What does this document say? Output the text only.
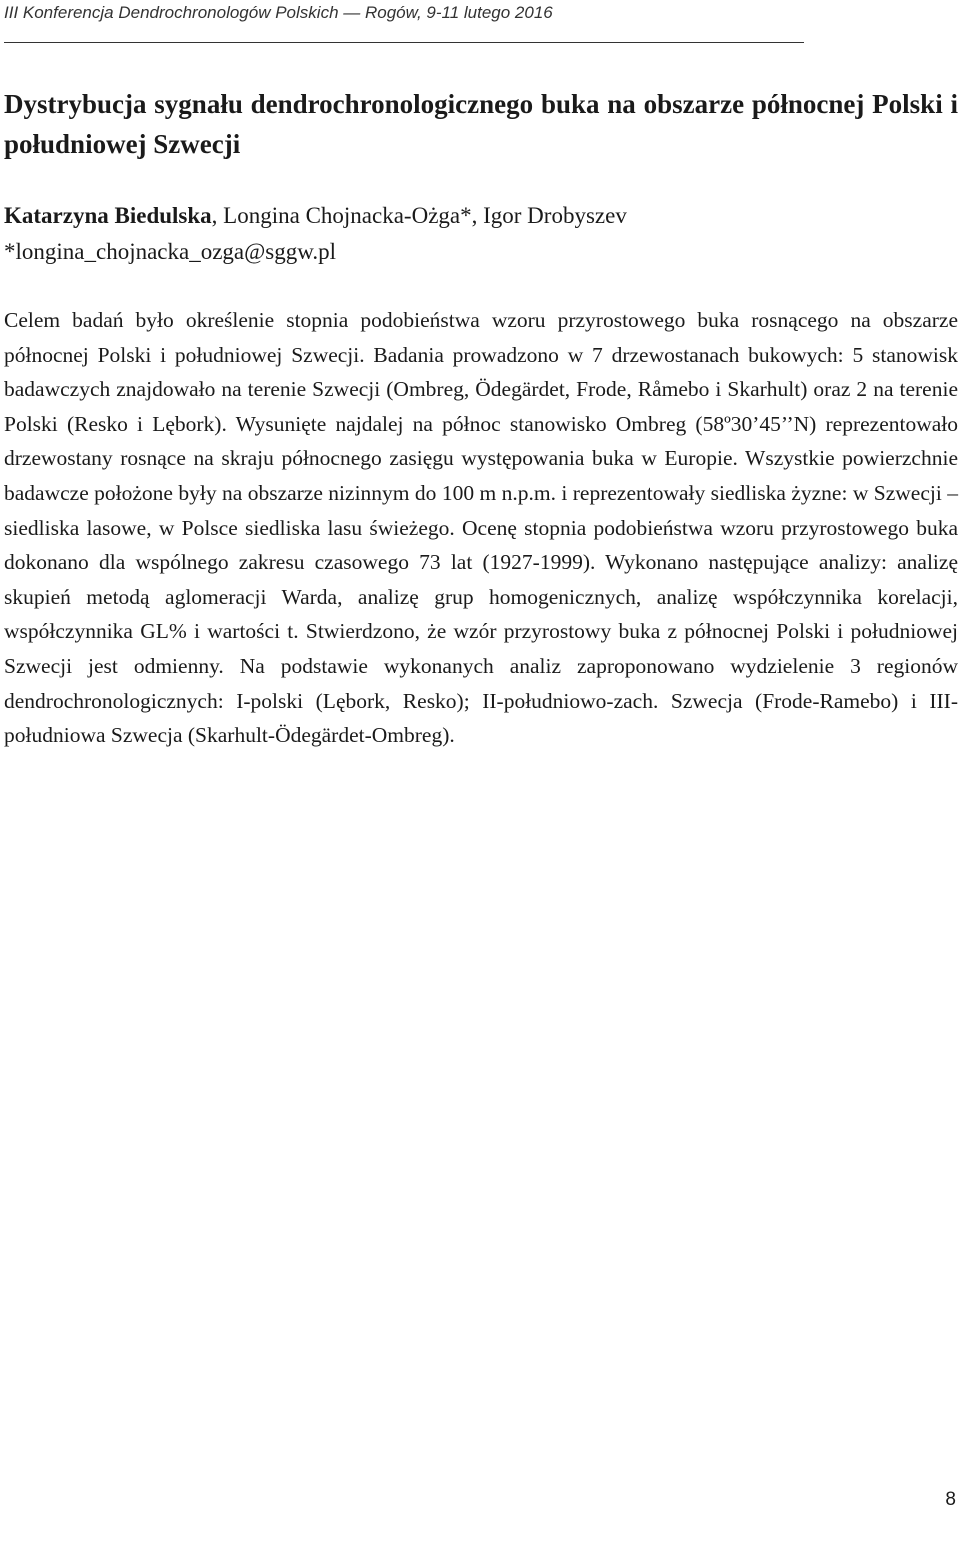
III Konferencja Dendrochronologów Polskich — Rogów, 9-11 lutego 2016
Dystrybucja sygnału dendrochronologicznego buka na obszarze północnej Polski i południowej Szwecji
Katarzyna Biedulska, Longina Chojnacka-Ożga*, Igor Drobyszev
*longina_chojnacka_ozga@sggw.pl

Celem badań było określenie stopnia podobieństwa wzoru przyrostowego buka rosnącego na obszarze północnej Polski i południowej Szwecji. Badania prowadzono w 7 drzewostanach bukowych: 5 stanowisk badawczych znajdowało na terenie Szwecji (Ombreg, Ödegärdet, Frode, Råmebo i Skarhult) oraz 2 na terenie Polski (Resko i Lębork). Wysunięte najdalej na północ stanowisko Ombreg (58º30’45’’N) reprezentowało drzewostany rosnące na skraju północnego zasięgu występowania buka w Europie. Wszystkie powierzchnie badawcze położone były na obszarze nizinnym do 100 m n.p.m. i reprezentowały siedliska żyzne: w Szwecji – siedliska lasowe, w Polsce siedliska lasu świeżego. Ocenę stopnia podobieństwa wzoru przyrostowego buka dokonano dla wspólnego zakresu czasowego 73 lat (1927-1999). Wykonano następujące analizy: analizę skupień metodą aglomeracji Warda, analizę grup homogenicznych, analizę współczynnika korelacji, współczynnika GL% i wartości t. Stwierdzono, że wzór przyrostowy buka z północnej Polski i południowej Szwecji jest odmienny. Na podstawie wykonanych analiz zaproponowano wydzielenie 3 regionów dendrochronologicznych: I-polski (Lębork, Resko); II-południowo-zach. Szwecja (Frode-Ramebo) i III- południowa Szwecja (Skarhult-Ödegärdet-Ombreg).

8
